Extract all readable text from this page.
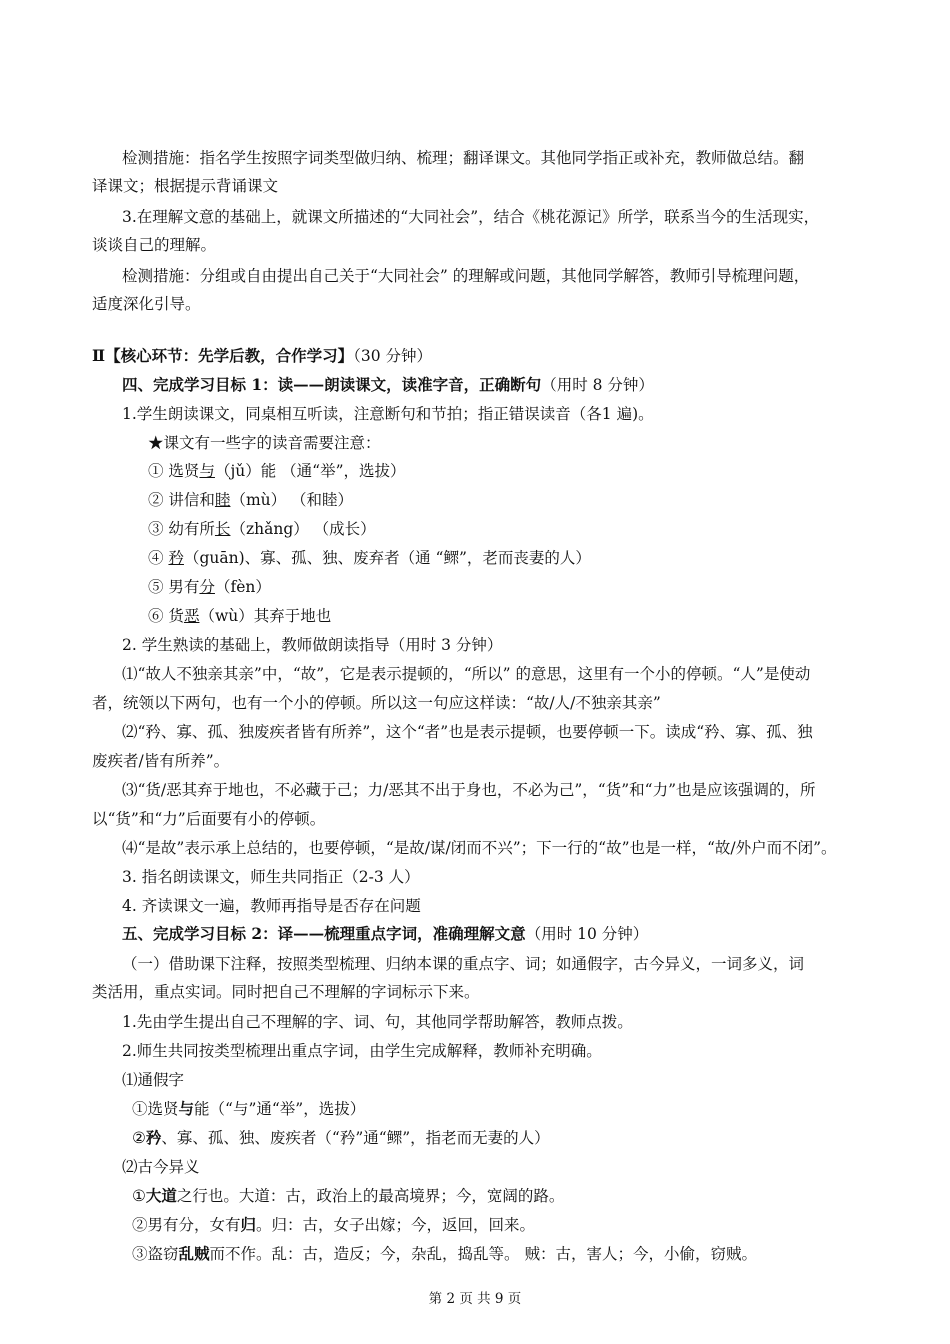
检测措施：指名学生按照字词类型做归纳、梳理；翻译课文。其他同学指正或补充，教师做总结。翻
译课文；根据提示背诵课文
3.在理解文意的基础上，就课文所描述的“大同社会”，结合《桃花源记》所学，联系当今的生活现实，
谈谈自己的理解。
检测措施：分组或自由提出自己关于“大同社会” 的理解或问题，其他同学解答，教师引导梳理问题，
适度深化引导。
Ⅱ【核心环节：先学后教，合作学习】（30 分钟）
四、完成学习目标 1：读——朗读课文，读准字音，正确断句（用时 8 分钟）
1.学生朗读课文，同桌相互听读，注意断句和节拍；指正错误读音（各1 遍)。
★课文有一些字的读音需要注意：
① 选贤与（jǔ）能 （通“举”，选拔）
② 讲信和睦（mù） （和睦）
③ 幼有所长（zhǎng） （成长）
④ 矜（guān)、寡、孤、独、废弃者（通 “鳏”，老而丧妻的人）
⑤ 男有分（fèn）
⑥ 货恶（wù）其弃于地也
2. 学生熟读的基础上，教师做朗读指导（用时 3 分钟）
⑴“故人不独亲其亲”中，“故”，它是表示提顿的，“所以” 的意思，这里有一个小的停顿。“人”是使动
者，统领以下两句，也有一个小的停顿。所以这一句应这样读：“故/人/不独亲其亲”
⑵“矜、寡、孤、独废疾者皆有所养”，这个“者”也是表示提顿，也要停顿一下。读成“矜、寡、孤、独
废疾者/皆有所养”。
⑶“货/恶其弃于地也，不必藏于己；力/恶其不出于身也，不必为己”，“货”和“力”也是应该强调的，所
以“货”和“力”后面要有小的停顿。
⑷“是故”表示承上总结的，也要停顿，“是故/谋/闭而不兴”；下一行的“故”也是一样，“故/外户而不闭”。
3. 指名朗读课文，师生共同指正（2-3 人）
4. 齐读课文一遍，教师再指导是否存在问题
五、完成学习目标 2：译——梳理重点字词，准确理解文意（用时 10 分钟）
（一）借助课下注释，按照类型梳理、归纳本课的重点字、词；如通假字，古今异义，一词多义，词
类活用，重点实词。同时把自己不理解的字词标示下来。
1.先由学生提出自己不理解的字、词、句，其他同学帮助解答，教师点拨。
2.师生共同按类型梳理出重点字词，由学生完成解释，教师补充明确。
⑴通假字
①选贤与能（“与”通“举”，选拔）
②矜、寡、孤、独、废疾者（“矜”通“鳏”，指老而无妻的人）
⑵古今异义
①大道之行也。大道：古，政治上的最高境界；今，宽阔的路。
②男有分，女有归。归：古，女子出嫁；今，返回，回来。
③盗窃乱贼而不作。乱：古，造反；今，杂乱，捣乱等。 贼：古，害人；今，小偷，窃贼。
第 2 页 共 9 页
